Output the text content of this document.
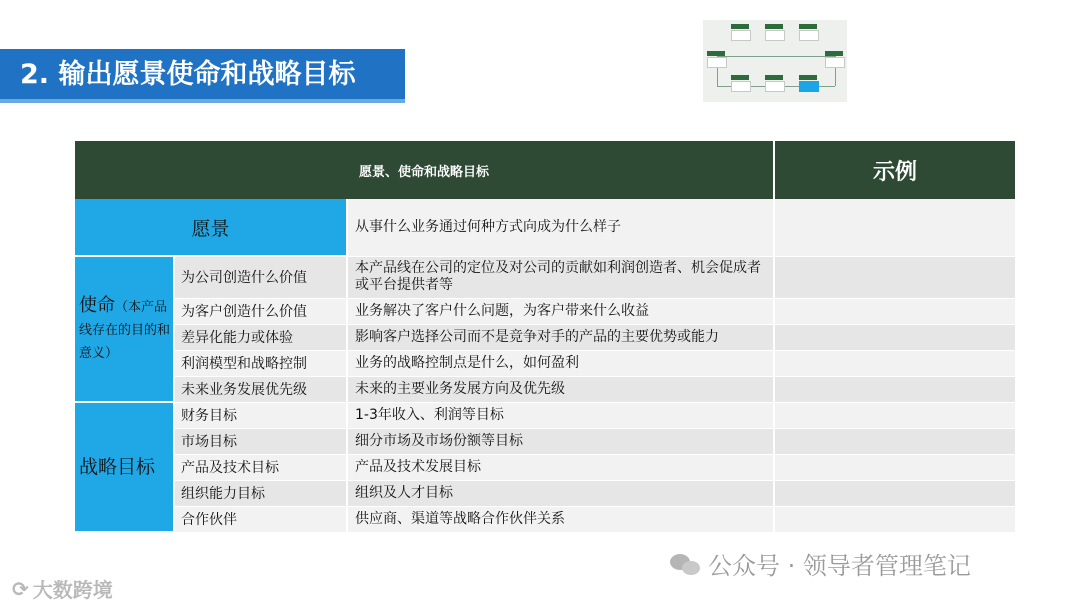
2. 输出愿景使命和战略目标
愿景、使命和战略目标			示例
愿景		从事什么业务通过何种方式向成为什么样子	
使命（本产品线存在的目的和意义）	为公司创造什么价值	本产品线在公司的定位及对公司的贡献如利润创造者、机会促成者或平台提供者等	
	为客户创造什么价值	业务解决了客户什么问题，为客户带来什么收益	
	差异化能力或体验	影响客户选择公司而不是竞争对手的产品的主要优势或能力	
	利润模型和战略控制	业务的战略控制点是什么，如何盈利	
	未来业务发展优先级	未来的主要业务发展方向及优先级	
战略目标	财务目标	1-3年收入、利润等目标	
	市场目标	细分市场及市场份额等目标	
	产品及技术目标	产品及技术发展目标	
	组织能力目标	组织及人才目标	
	合作伙伴	供应商、渠道等战略合作伙伴关系	
公众号 · 领导者管理笔记
⟳ 大数跨境
